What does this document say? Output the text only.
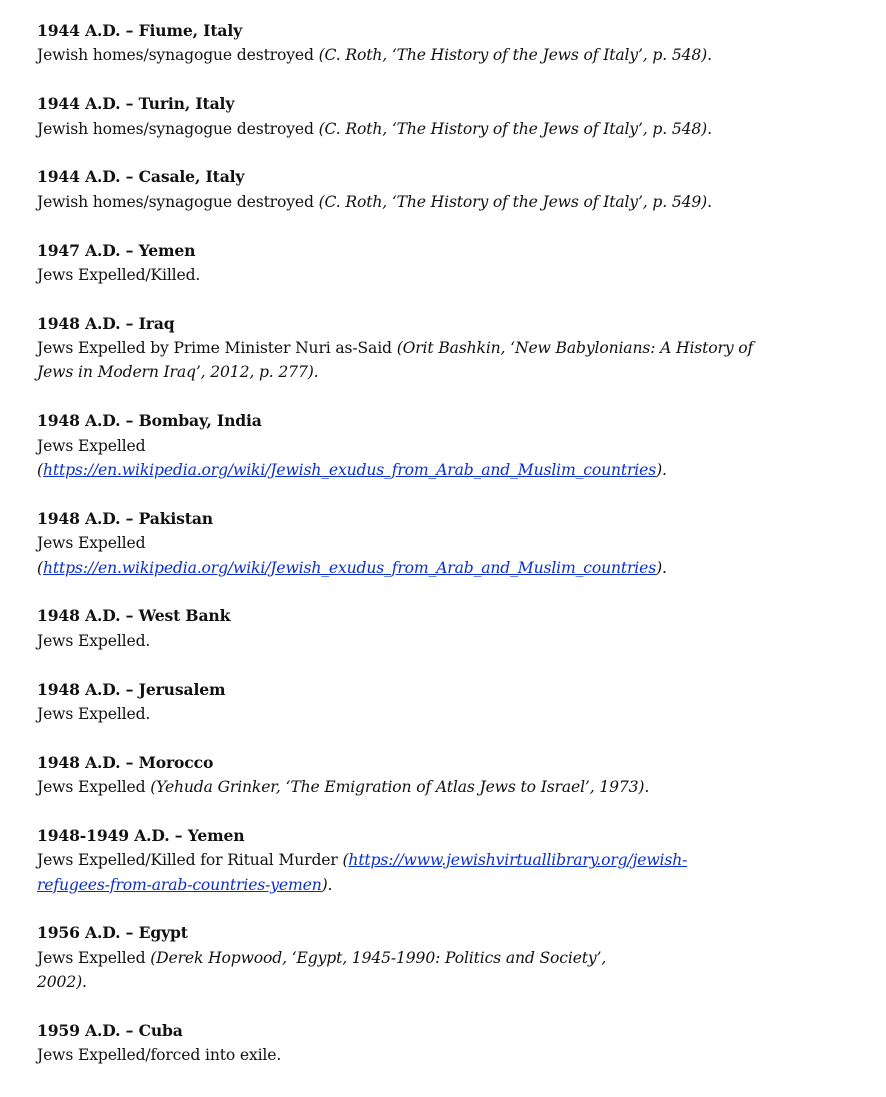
1944 A.D. – Fiume, Italy
Jewish homes/synagogue destroyed (C. Roth, ‘The History of the Jews of Italy’, p. 548).
1944 A.D. – Turin, Italy
Jewish homes/synagogue destroyed (C. Roth, ‘The History of the Jews of Italy’, p. 548).
1944 A.D. – Casale, Italy
Jewish homes/synagogue destroyed (C. Roth, ‘The History of the Jews of Italy’, p. 549).
1947 A.D. – Yemen
Jews Expelled/Killed.
1948 A.D. – Iraq
Jews Expelled by Prime Minister Nuri as-Said (Orit Bashkin, ‘New Babylonians: A History of
Jews in Modern Iraq’, 2012, p. 277).
1948 A.D. – Bombay, India
Jews Expelled
(https://en.wikipedia.org/wiki/Jewish_exudus_from_Arab_and_Muslim_countries).
1948 A.D. – Pakistan
Jews Expelled
(https://en.wikipedia.org/wiki/Jewish_exudus_from_Arab_and_Muslim_countries).
1948 A.D. – West Bank
Jews Expelled.
1948 A.D. – Jerusalem
Jews Expelled.
1948 A.D. – Morocco
Jews Expelled (Yehuda Grinker, ‘The Emigration of Atlas Jews to Israel’, 1973).
1948-1949 A.D. – Yemen
Jews Expelled/Killed for Ritual Murder (https://www.jewishvirtuallibrary.org/jewish-
refugees-from-arab-countries-yemen).
1956 A.D. – Egypt
Jews Expelled (Derek Hopwood, ‘Egypt, 1945-1990: Politics and Society’,
2002).
1959 A.D. – Cuba
Jews Expelled/forced into exile.
